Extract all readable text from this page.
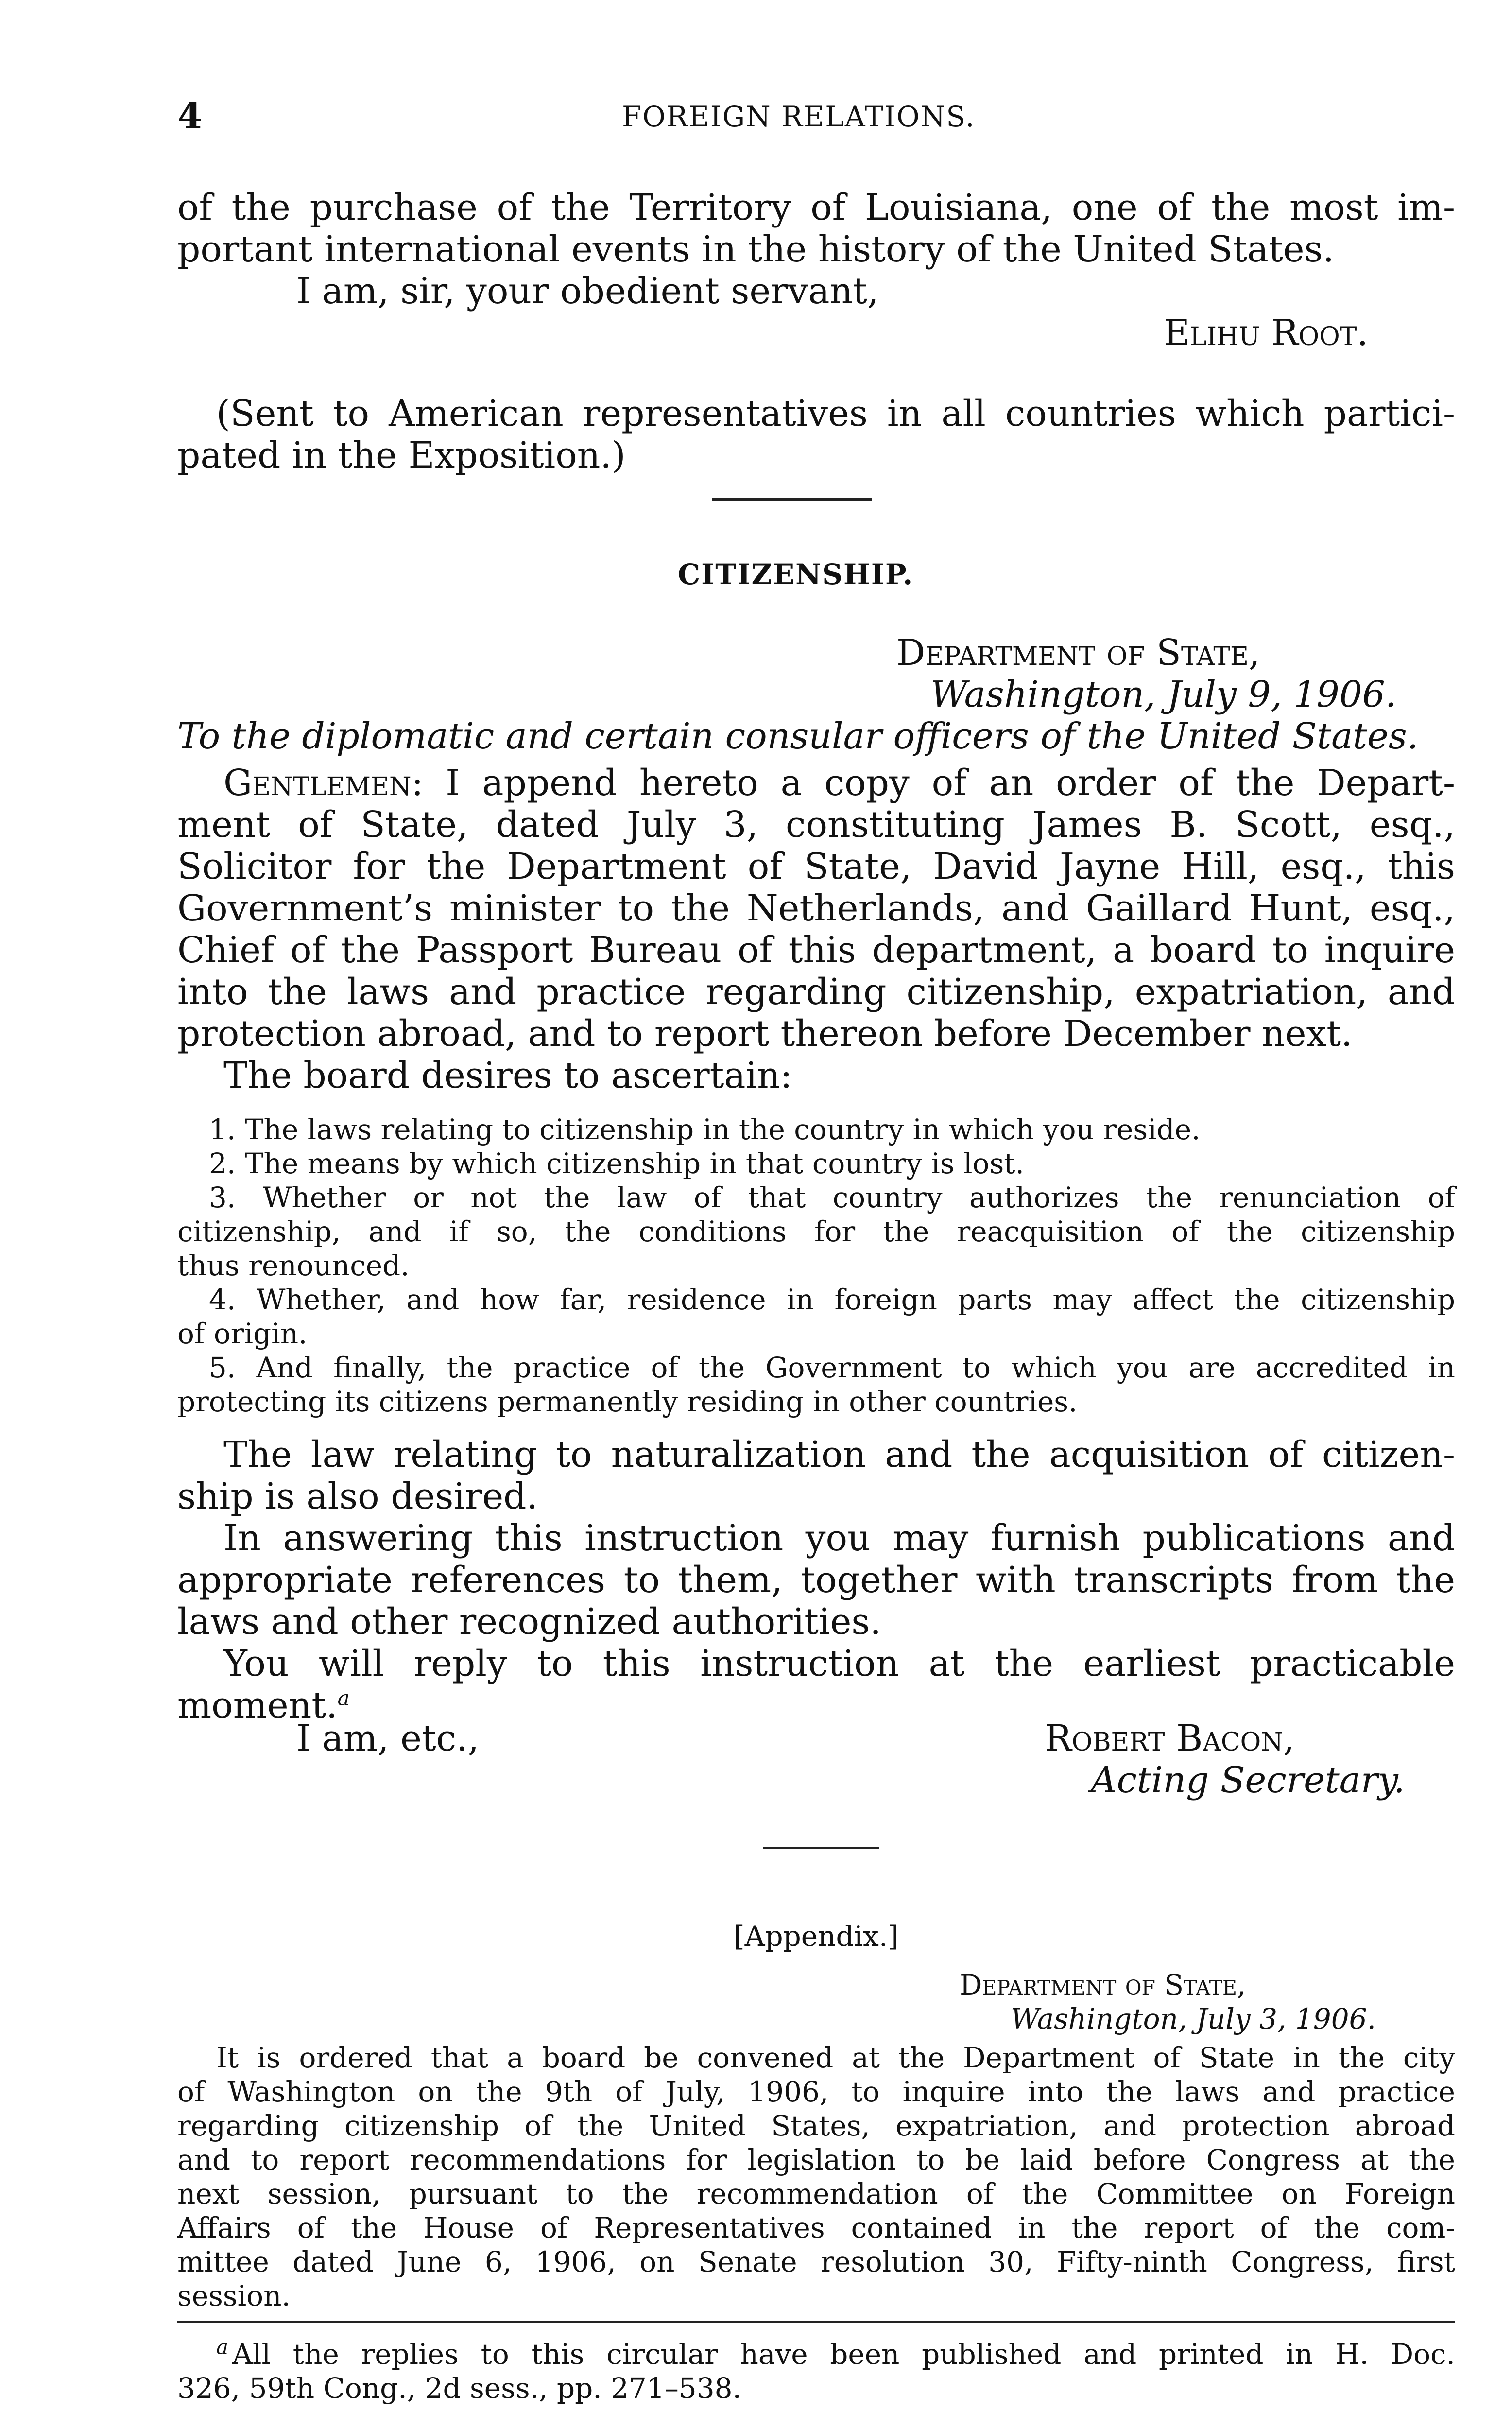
4	FOREIGN RELATIONS.
of the purchase of the Territory of Louisiana, one of the most im-
portant international events in the history of the United States.
I am, sir, your obedient servant,
Elihu Root.
(Sent to American representatives in all countries which partici-
pated in the Exposition.)
CITIZENSHIP.
Department of State,
Washington, July 9, 1906.
To the diplomatic and certain consular officers of the United States.
Gentlemen: I append hereto a copy of an order of the Depart-
ment of State, dated July 3, constituting James B. Scott, esq.,
Solicitor for the Department of State, David Jayne Hill, esq., this
Government’s minister to the Netherlands, and Gaillard Hunt, esq.,
Chief of the Passport Bureau of this department, a board to inquire
into the laws and practice regarding citizenship, expatriation, and
protection abroad, and to report thereon before December next.
The board desires to ascertain:
1. The laws relating to citizenship in the country in which you reside.
2. The means by which citizenship in that country is lost.
3. Whether or not the law of that country authorizes the renunciation of
citizenship, and if so, the conditions for the reacquisition of the citizenship
thus renounced.
4. Whether, and how far, residence in foreign parts may affect the citizenship
of origin.
5. And finally, the practice of the Government to which you are accredited in
protecting its citizens permanently residing in other countries.
The law relating to naturalization and the acquisition of citizen-
ship is also desired.
In answering this instruction you may furnish publications and
appropriate references to them, together with transcripts from the
laws and other recognized authorities.
You will reply to this instruction at the earliest practicable
moment.$^a$
I am, etc.,	Robert Bacon,
Acting Secretary.
[Appendix.]
Department of State,
Washington, July 3, 1906.
It is ordered that a board be convened at the Department of State in the city
of Washington on the 9th of July, 1906, to inquire into the laws and practice
regarding citizenship of the United States, expatriation, and protection abroad
and to report recommendations for legislation to be laid before Congress at the
next session, pursuant to the recommendation of the Committee on Foreign
Affairs of the House of Representatives contained in the report of the com-
mittee dated June 6, 1906, on Senate resolution 30, Fifty-ninth Congress, first
session.
$^a$ All the replies to this circular have been published and printed in H. Doc.
326, 59th Cong., 2d sess., pp. 271–538.
